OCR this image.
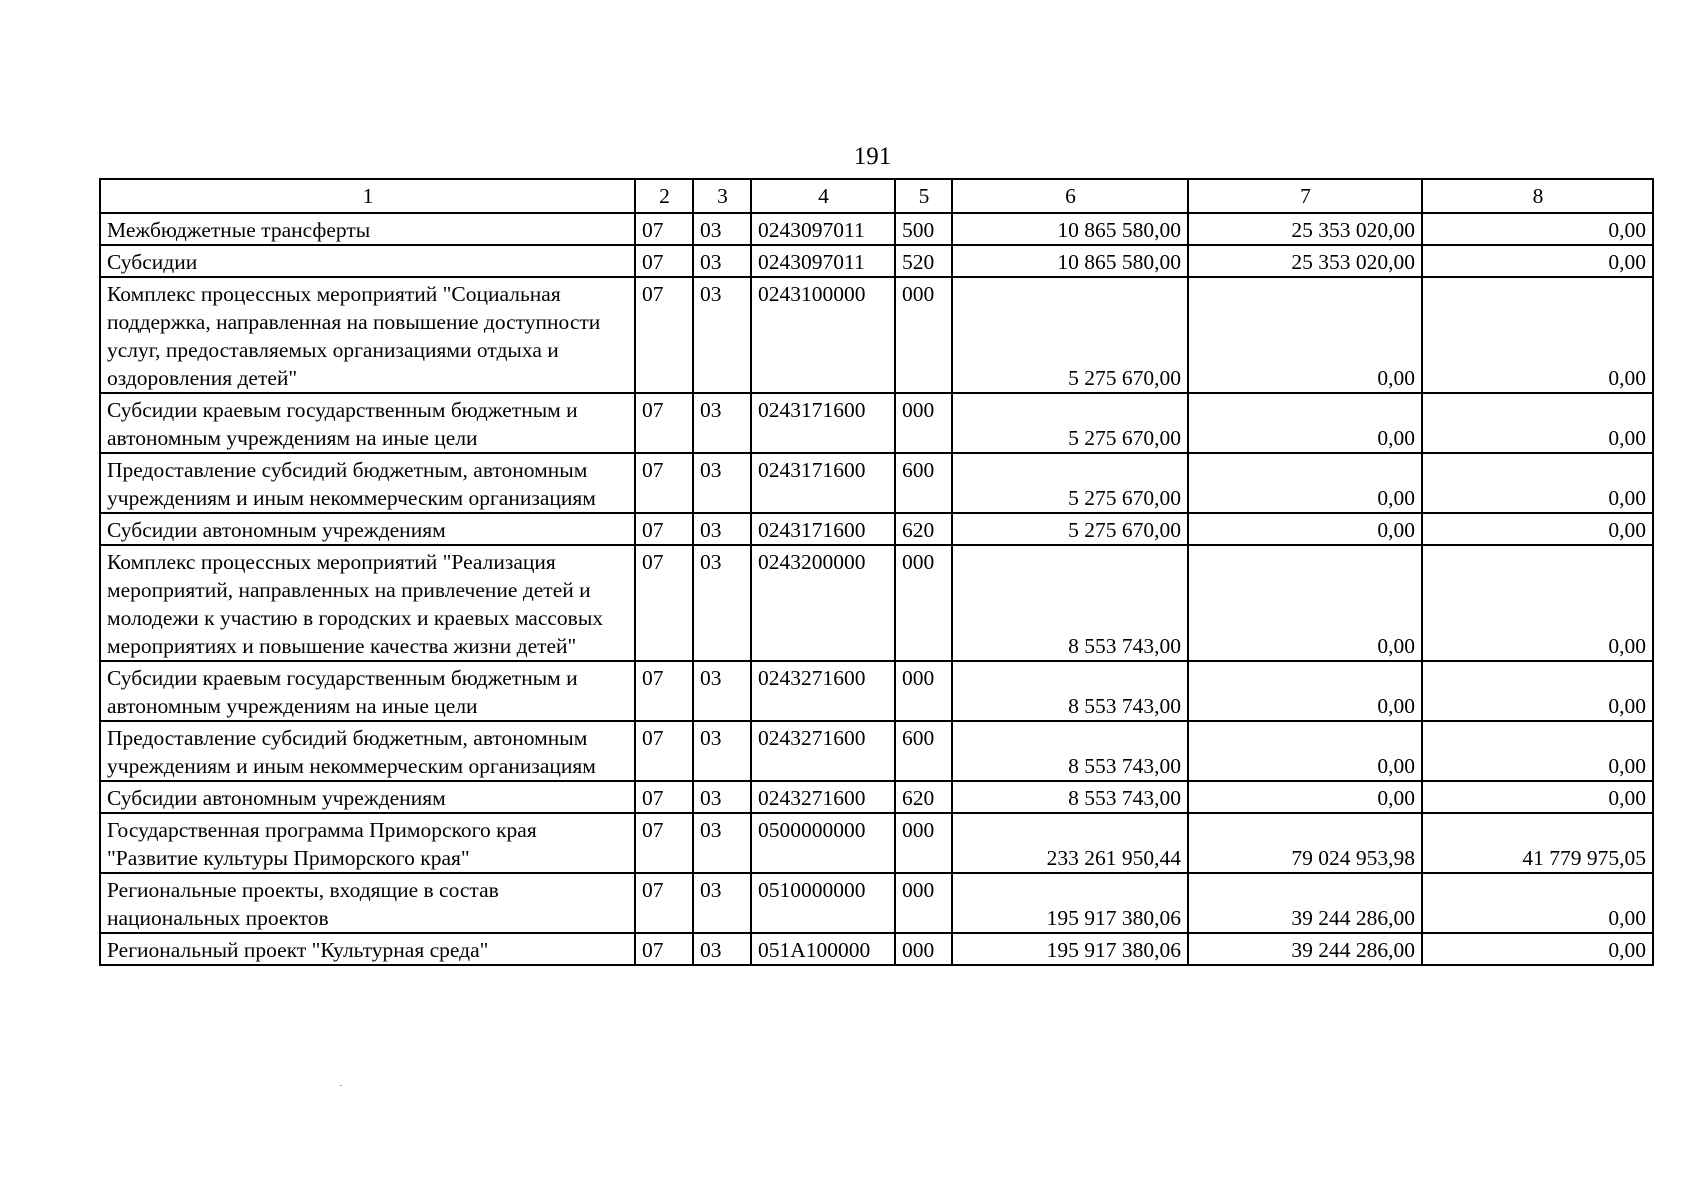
191
1	2	3	4	5	6	7	8
Межбюджетные трансферты	07	03	0243097011	500	10 865 580,00	25 353 020,00	0,00
Субсидии	07	03	0243097011	520	10 865 580,00	25 353 020,00	0,00
Комплекс процессных мероприятий "Социальная поддержка, направленная на повышение доступности услуг, предоставляемых организациями отдыха и оздоровления детей"	07	03	0243100000	000	5 275 670,00	0,00	0,00
Субсидии краевым государственным бюджетным и автономным учреждениям на иные цели	07	03	0243171600	000	5 275 670,00	0,00	0,00
Предоставление субсидий бюджетным, автономным учреждениям и иным некоммерческим организациям	07	03	0243171600	600	5 275 670,00	0,00	0,00
Субсидии автономным учреждениям	07	03	0243171600	620	5 275 670,00	0,00	0,00
Комплекс процессных мероприятий "Реализация мероприятий, направленных на привлечение детей и молодежи к участию в городских и краевых массовых мероприятиях и повышение качества жизни детей"	07	03	0243200000	000	8 553 743,00	0,00	0,00
Субсидии краевым государственным бюджетным и автономным учреждениям на иные цели	07	03	0243271600	000	8 553 743,00	0,00	0,00
Предоставление субсидий бюджетным, автономным учреждениям и иным некоммерческим организациям	07	03	0243271600	600	8 553 743,00	0,00	0,00
Субсидии автономным учреждениям	07	03	0243271600	620	8 553 743,00	0,00	0,00
Государственная программа Приморского края "Развитие культуры Приморского края"	07	03	0500000000	000	233 261 950,44	79 024 953,98	41 779 975,05
Региональные проекты, входящие в состав национальных проектов	07	03	0510000000	000	195 917 380,06	39 244 286,00	0,00
Региональный проект "Культурная среда"	07	03	051А100000	000	195 917 380,06	39 244 286,00	0,00
